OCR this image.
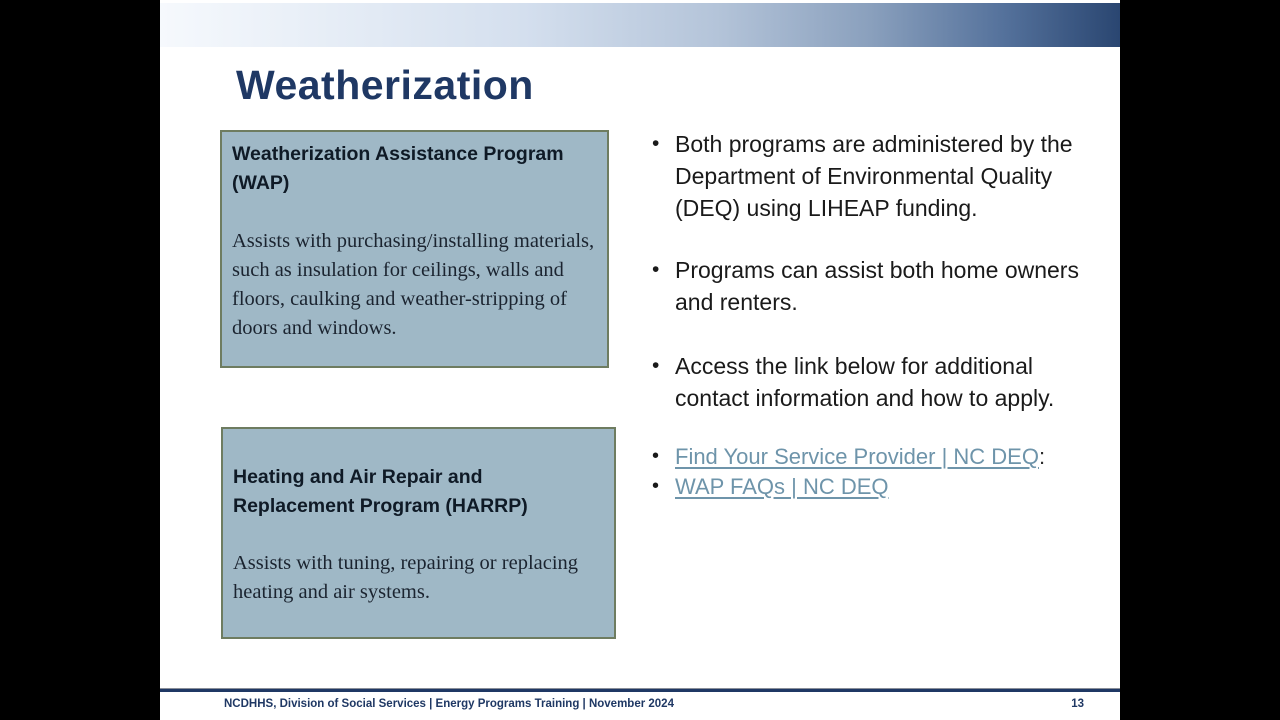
Weatherization
Weatherization Assistance Program (WAP)
Assists with purchasing/installing materials, such as insulation for ceilings, walls and floors, caulking and weather-stripping of doors and windows.
Heating and Air Repair and Replacement Program (HARRP)
Assists with tuning, repairing or replacing heating and air systems.
• Both programs are administered by the Department of Environmental Quality (DEQ) using LIHEAP funding.
• Programs can assist both home owners and renters.
• Access the link below for additional contact information and how to apply.
• Find Your Service Provider | NC DEQ:
• WAP FAQs | NC DEQ
NCDHHS, Division of Social Services | Energy Programs Training | November 2024	13
